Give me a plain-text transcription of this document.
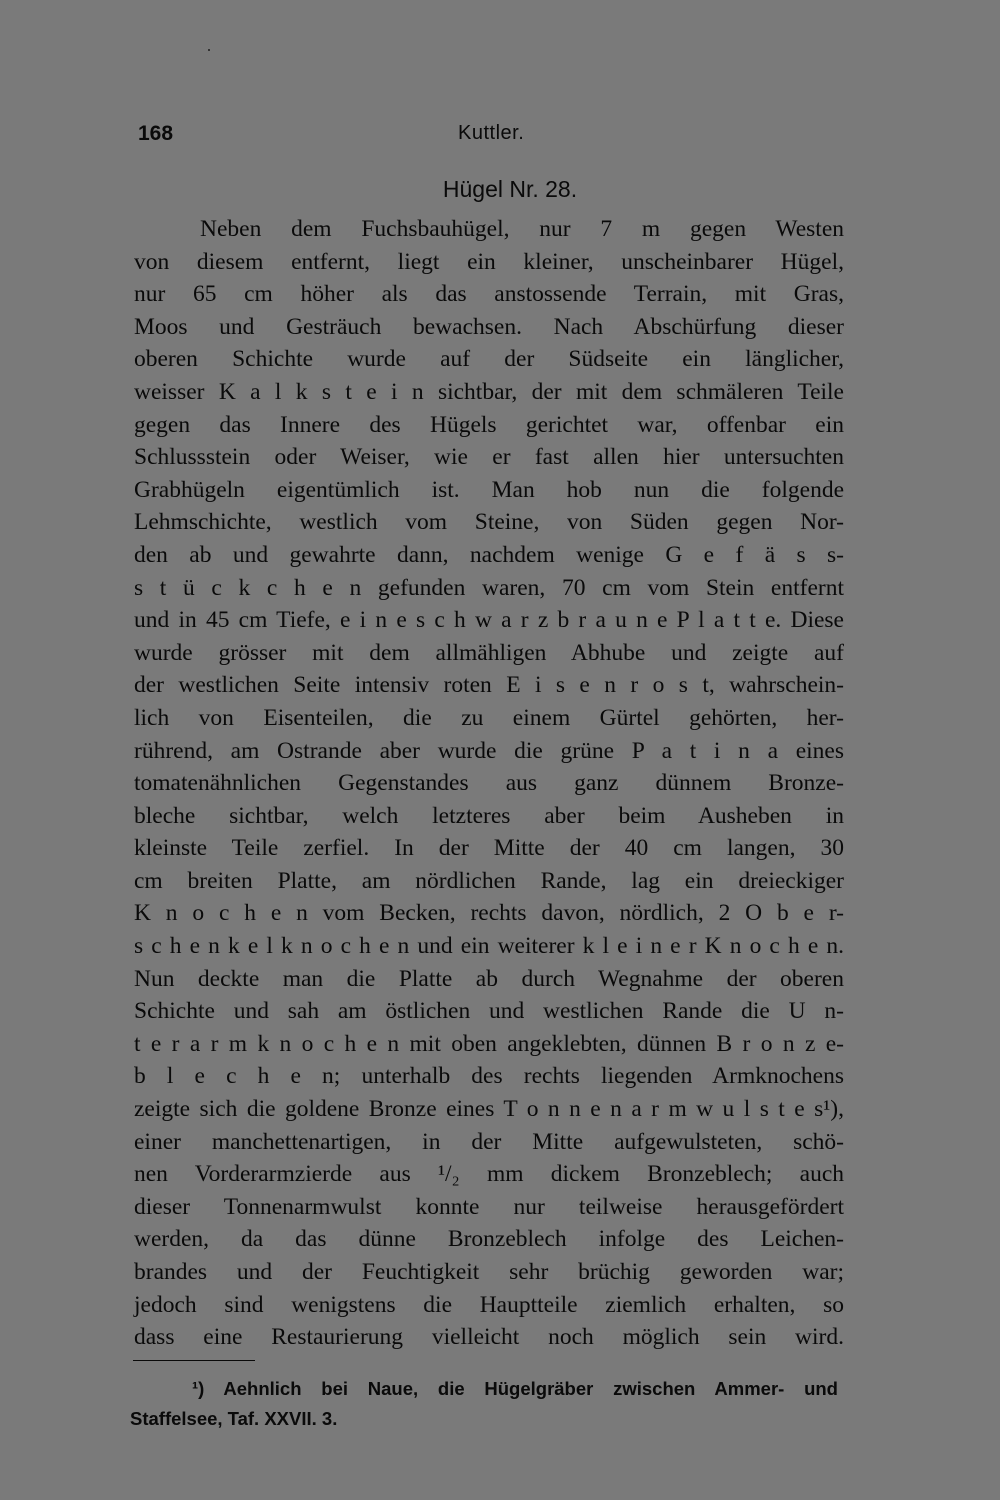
168	Kuttler.
Hügel Nr. 28.
Neben dem Fuchsbauhügel, nur 7 m gegen Westen
von diesem entfernt, liegt ein kleiner, unscheinbarer Hügel,
nur 65 cm höher als das anstossende Terrain, mit Gras,
Moos und Gesträuch bewachsen. Nach Abschürfung dieser
oberen Schichte wurde auf der Südseite ein länglicher,
weisser K a l k s t e i n sichtbar, der mit dem schmäleren Teile
gegen das Innere des Hügels gerichtet war, offenbar ein
Schlussstein oder Weiser, wie er fast allen hier untersuchten
Grabhügeln eigentümlich ist. Man hob nun die folgende
Lehmschichte, westlich vom Steine, von Süden gegen Nor-
den ab und gewahrte dann, nachdem wenige G e f ä s s-
s t ü c k c h e n gefunden waren, 70 cm vom Stein entfernt
und in 45 cm Tiefe, e i n e s c h w a r z b r a u n e P l a t t e. Diese
wurde grösser mit dem allmähligen Abhube und zeigte auf
der westlichen Seite intensiv roten E i s e n r o s t, wahrschein-
lich von Eisenteilen, die zu einem Gürtel gehörten, her-
rührend, am Ostrande aber wurde die grüne P a t i n a eines
tomatenähnlichen Gegenstandes aus ganz dünnem Bronze-
bleche sichtbar, welch letzteres aber beim Ausheben in
kleinste Teile zerfiel. In der Mitte der 40 cm langen, 30
cm breiten Platte, am nördlichen Rande, lag ein dreieckiger
K n o c h e n vom Becken, rechts davon, nördlich, 2 O b e r-
s c h e n k e l k n o c h e n und ein weiterer k l e i n e r K n o c h e n.
Nun deckte man die Platte ab durch Wegnahme der oberen
Schichte und sah am östlichen und westlichen Rande die U n-
t e r a r m k n o c h e n mit oben angeklebten, dünnen B r o n z e-
b l e c h e n; unterhalb des rechts liegenden Armknochens
zeigte sich die goldene Bronze eines T o n n e n a r m w u l s t e s¹),
einer manchettenartigen, in der Mitte aufgewulsteten, schö-
nen Vorderarmzierde aus ¹/₂ mm dickem Bronzeblech; auch
dieser Tonnenarmwulst konnte nur teilweise herausgefördert
werden, da das dünne Bronzeblech infolge des Leichen-
brandes und der Feuchtigkeit sehr brüchig geworden war;
jedoch sind wenigstens die Hauptteile ziemlich erhalten, so
dass eine Restaurierung vielleicht noch möglich sein wird.
¹) Aehnlich bei Naue, die Hügelgräber zwischen Ammer- und
Staffelsee, Taf. XXVII. 3.
